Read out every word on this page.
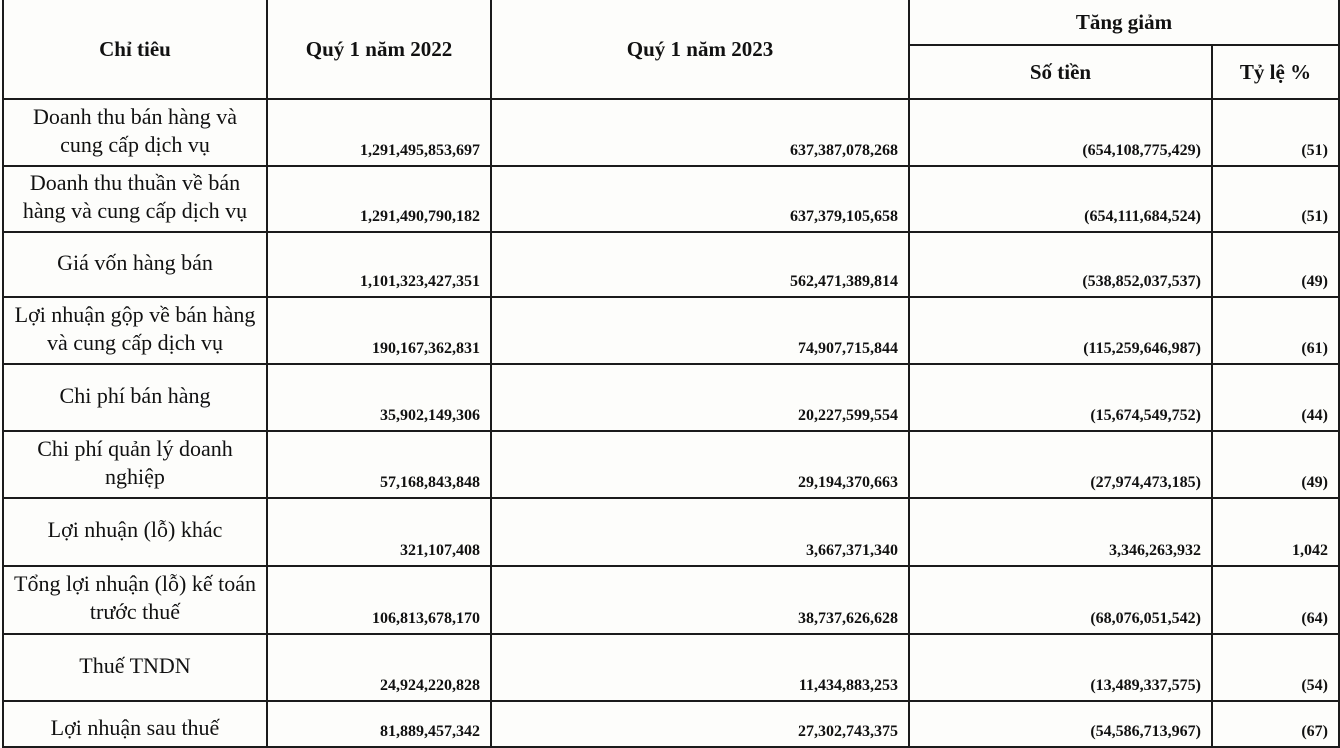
Chỉ tiêu	Quý 1 năm 2022	Quý 1 năm 2023	Tăng giảm	
			Số tiền	Tỷ lệ %
Doanh thu bán hàng và cung cấp dịch vụ	1,291,495,853,697	637,387,078,268	(654,108,775,429)	(51)
Doanh thu thuần về bán hàng và cung cấp dịch vụ	1,291,490,790,182	637,379,105,658	(654,111,684,524)	(51)
Giá vốn hàng bán	1,101,323,427,351	562,471,389,814	(538,852,037,537)	(49)
Lợi nhuận gộp về bán hàng và cung cấp dịch vụ	190,167,362,831	74,907,715,844	(115,259,646,987)	(61)
Chi phí bán hàng	35,902,149,306	20,227,599,554	(15,674,549,752)	(44)
Chi phí quản lý doanh nghiệp	57,168,843,848	29,194,370,663	(27,974,473,185)	(49)
Lợi nhuận (lỗ) khác	321,107,408	3,667,371,340	3,346,263,932	1,042
Tổng lợi nhuận (lỗ) kế toán trước thuế	106,813,678,170	38,737,626,628	(68,076,051,542)	(64)
Thuế TNDN	24,924,220,828	11,434,883,253	(13,489,337,575)	(54)
Lợi nhuận sau thuế	81,889,457,342	27,302,743,375	(54,586,713,967)	(67)
